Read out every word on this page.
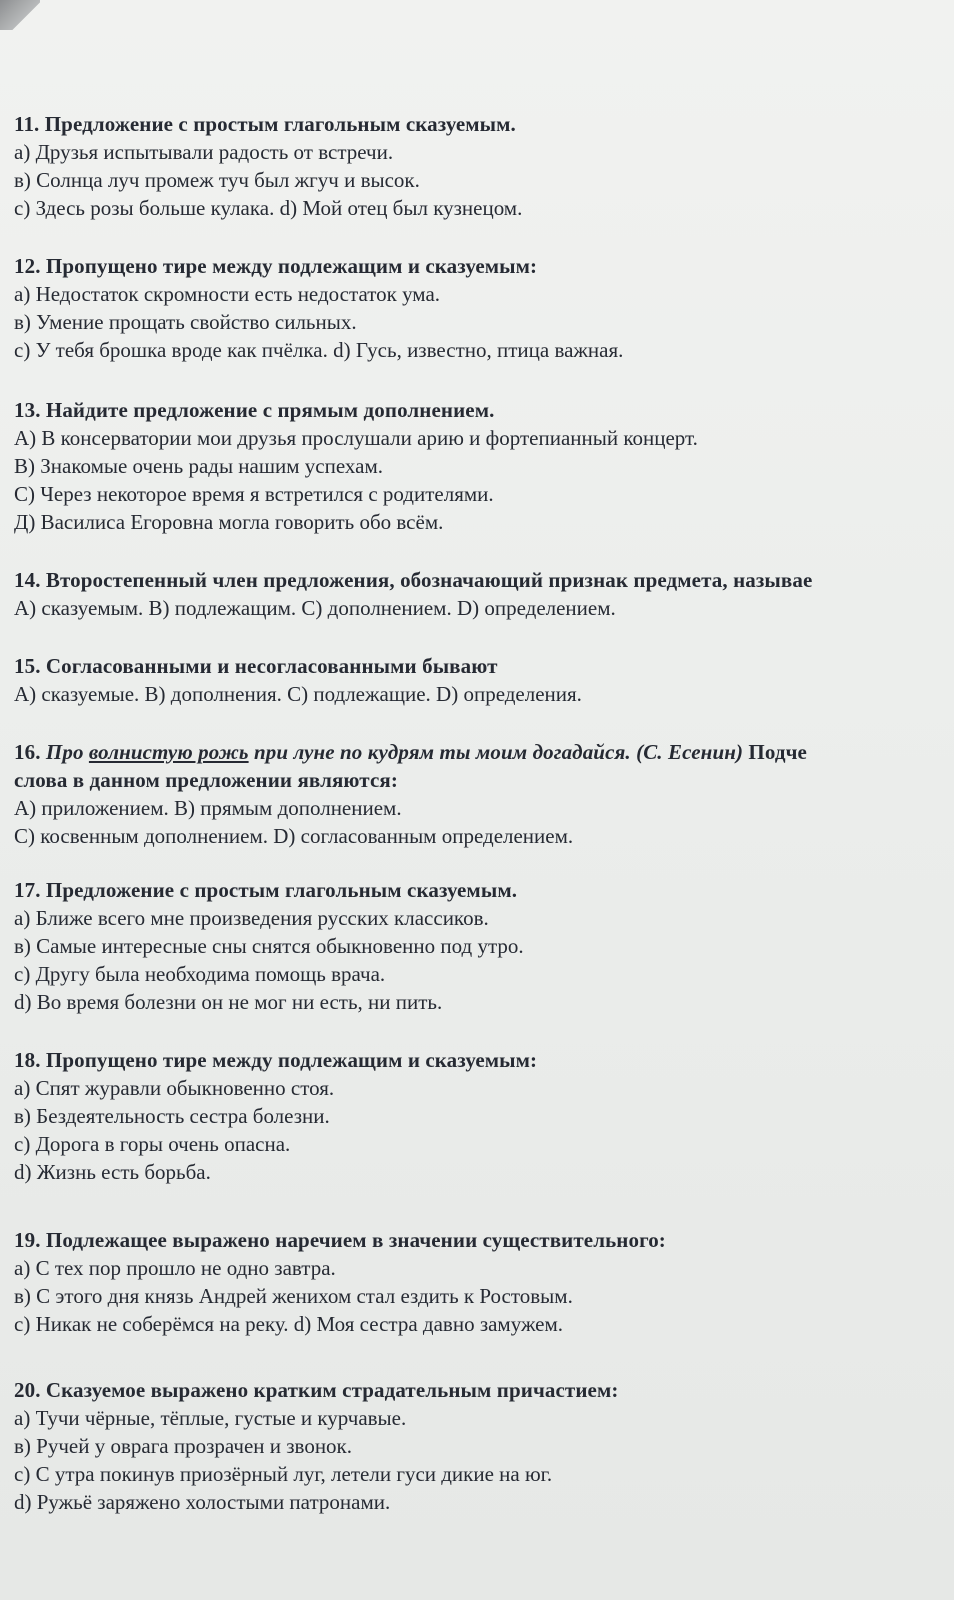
11. Предложение с простым глагольным сказуемым.
а) Друзья испытывали радость от встречи.
в) Солнца луч промеж туч был жгуч и высок.
с) Здесь розы больше кулака. d) Мой отец был кузнецом.
12. Пропущено тире между подлежащим и сказуемым:
а) Недостаток скромности есть недостаток ума.
в) Умение прощать свойство сильных.
с) У тебя брошка вроде как пчёлка. d) Гусь, известно, птица важная.
13. Найдите предложение с прямым дополнением.
А) В консерватории мои друзья прослушали арию и фортепианный концерт.
В) Знакомые очень рады нашим успехам.
С) Через некоторое время я встретился с родителями.
Д) Василиса Егоровна могла говорить обо всём.
14. Второстепенный член предложения, обозначающий признак предмета, называе
А) сказуемым. В) подлежащим. С) дополнением. D) определением.
15. Согласованными и несогласованными бывают
А) сказуемые. В) дополнения. С) подлежащие. D) определения.
16. Про волнистую рожь при луне по кудрям ты моим догадайся. (С. Есенин) Подче
слова в данном предложении являются:
А) приложением. В) прямым дополнением.
С) косвенным дополнением. D) согласованным определением.
17. Предложение с простым глагольным сказуемым.
а) Ближе всего мне произведения русских классиков.
в) Самые интересные сны снятся обыкновенно под утро.
с) Другу была необходима помощь врача.
d) Во время болезни он не мог ни есть, ни пить.
18. Пропущено тире между подлежащим и сказуемым:
а) Спят журавли обыкновенно стоя.
в) Бездеятельность сестра болезни.
с) Дорога в горы очень опасна.
d) Жизнь есть борьба.
19. Подлежащее выражено наречием в значении существительного:
а) С тех пор прошло не одно завтра.
в) С этого дня князь Андрей женихом стал ездить к Ростовым.
с) Никак не соберёмся на реку. d) Моя сестра давно замужем.
20. Сказуемое выражено кратким страдательным причастием:
а) Тучи чёрные, тёплые, густые и курчавые.
в) Ручей у оврага прозрачен и звонок.
с) С утра покинув приозёрный луг, летели гуси дикие на юг.
d) Ружьё заряжено холостыми патронами.
